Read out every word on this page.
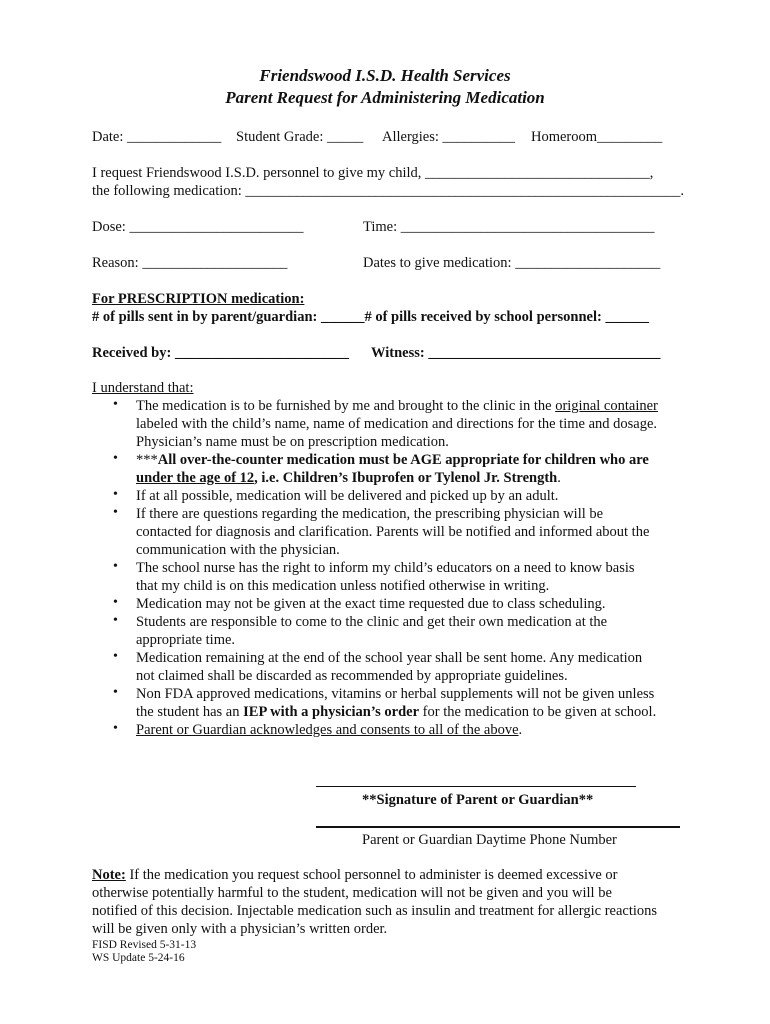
Friendswood I.S.D. Health Services
Parent Request for Administering Medication
Date: _____________ Student Grade: _____ Allergies: __________ Homeroom_________
I request Friendswood I.S.D. personnel to give my child, _______________________________,
the following medication: ____________________________________________________________.
Dose: ________________________	Time: ___________________________________
Reason: ____________________	Dates to give medication: ____________________
For PRESCRIPTION medication:
# of pills sent in by parent/guardian: ______# of pills received by school personnel: ______
Received by: ________________________ Witness: ________________________________
I understand that:
• The medication is to be furnished by me and brought to the clinic in the original container
labeled with the child’s name, name of medication and directions for the time and dosage.
Physician’s name must be on prescription medication.
• ***All over-the-counter medication must be AGE appropriate for children who are
under the age of 12, i.e. Children’s Ibuprofen or Tylenol Jr. Strength.
• If at all possible, medication will be delivered and picked up by an adult.
• If there are questions regarding the medication, the prescribing physician will be
contacted for diagnosis and clarification. Parents will be notified and informed about the
communication with the physician.
• The school nurse has the right to inform my child’s educators on a need to know basis
that my child is on this medication unless notified otherwise in writing.
• Medication may not be given at the exact time requested due to class scheduling.
• Students are responsible to come to the clinic and get their own medication at the
appropriate time.
• Medication remaining at the end of the school year shall be sent home. Any medication
not claimed shall be discarded as recommended by appropriate guidelines.
• Non FDA approved medications, vitamins or herbal supplements will not be given unless
the student has an IEP with a physician’s order for the medication to be given at school.
• Parent or Guardian acknowledges and consents to all of the above.
**Signature of Parent or Guardian**
Parent or Guardian Daytime Phone Number
Note: If the medication you request school personnel to administer is deemed excessive or
otherwise potentially harmful to the student, medication will not be given and you will be
notified of this decision. Injectable medication such as insulin and treatment for allergic reactions
will be given only with a physician’s written order.
FISD Revised 5-31-13
WS Update 5-24-16
